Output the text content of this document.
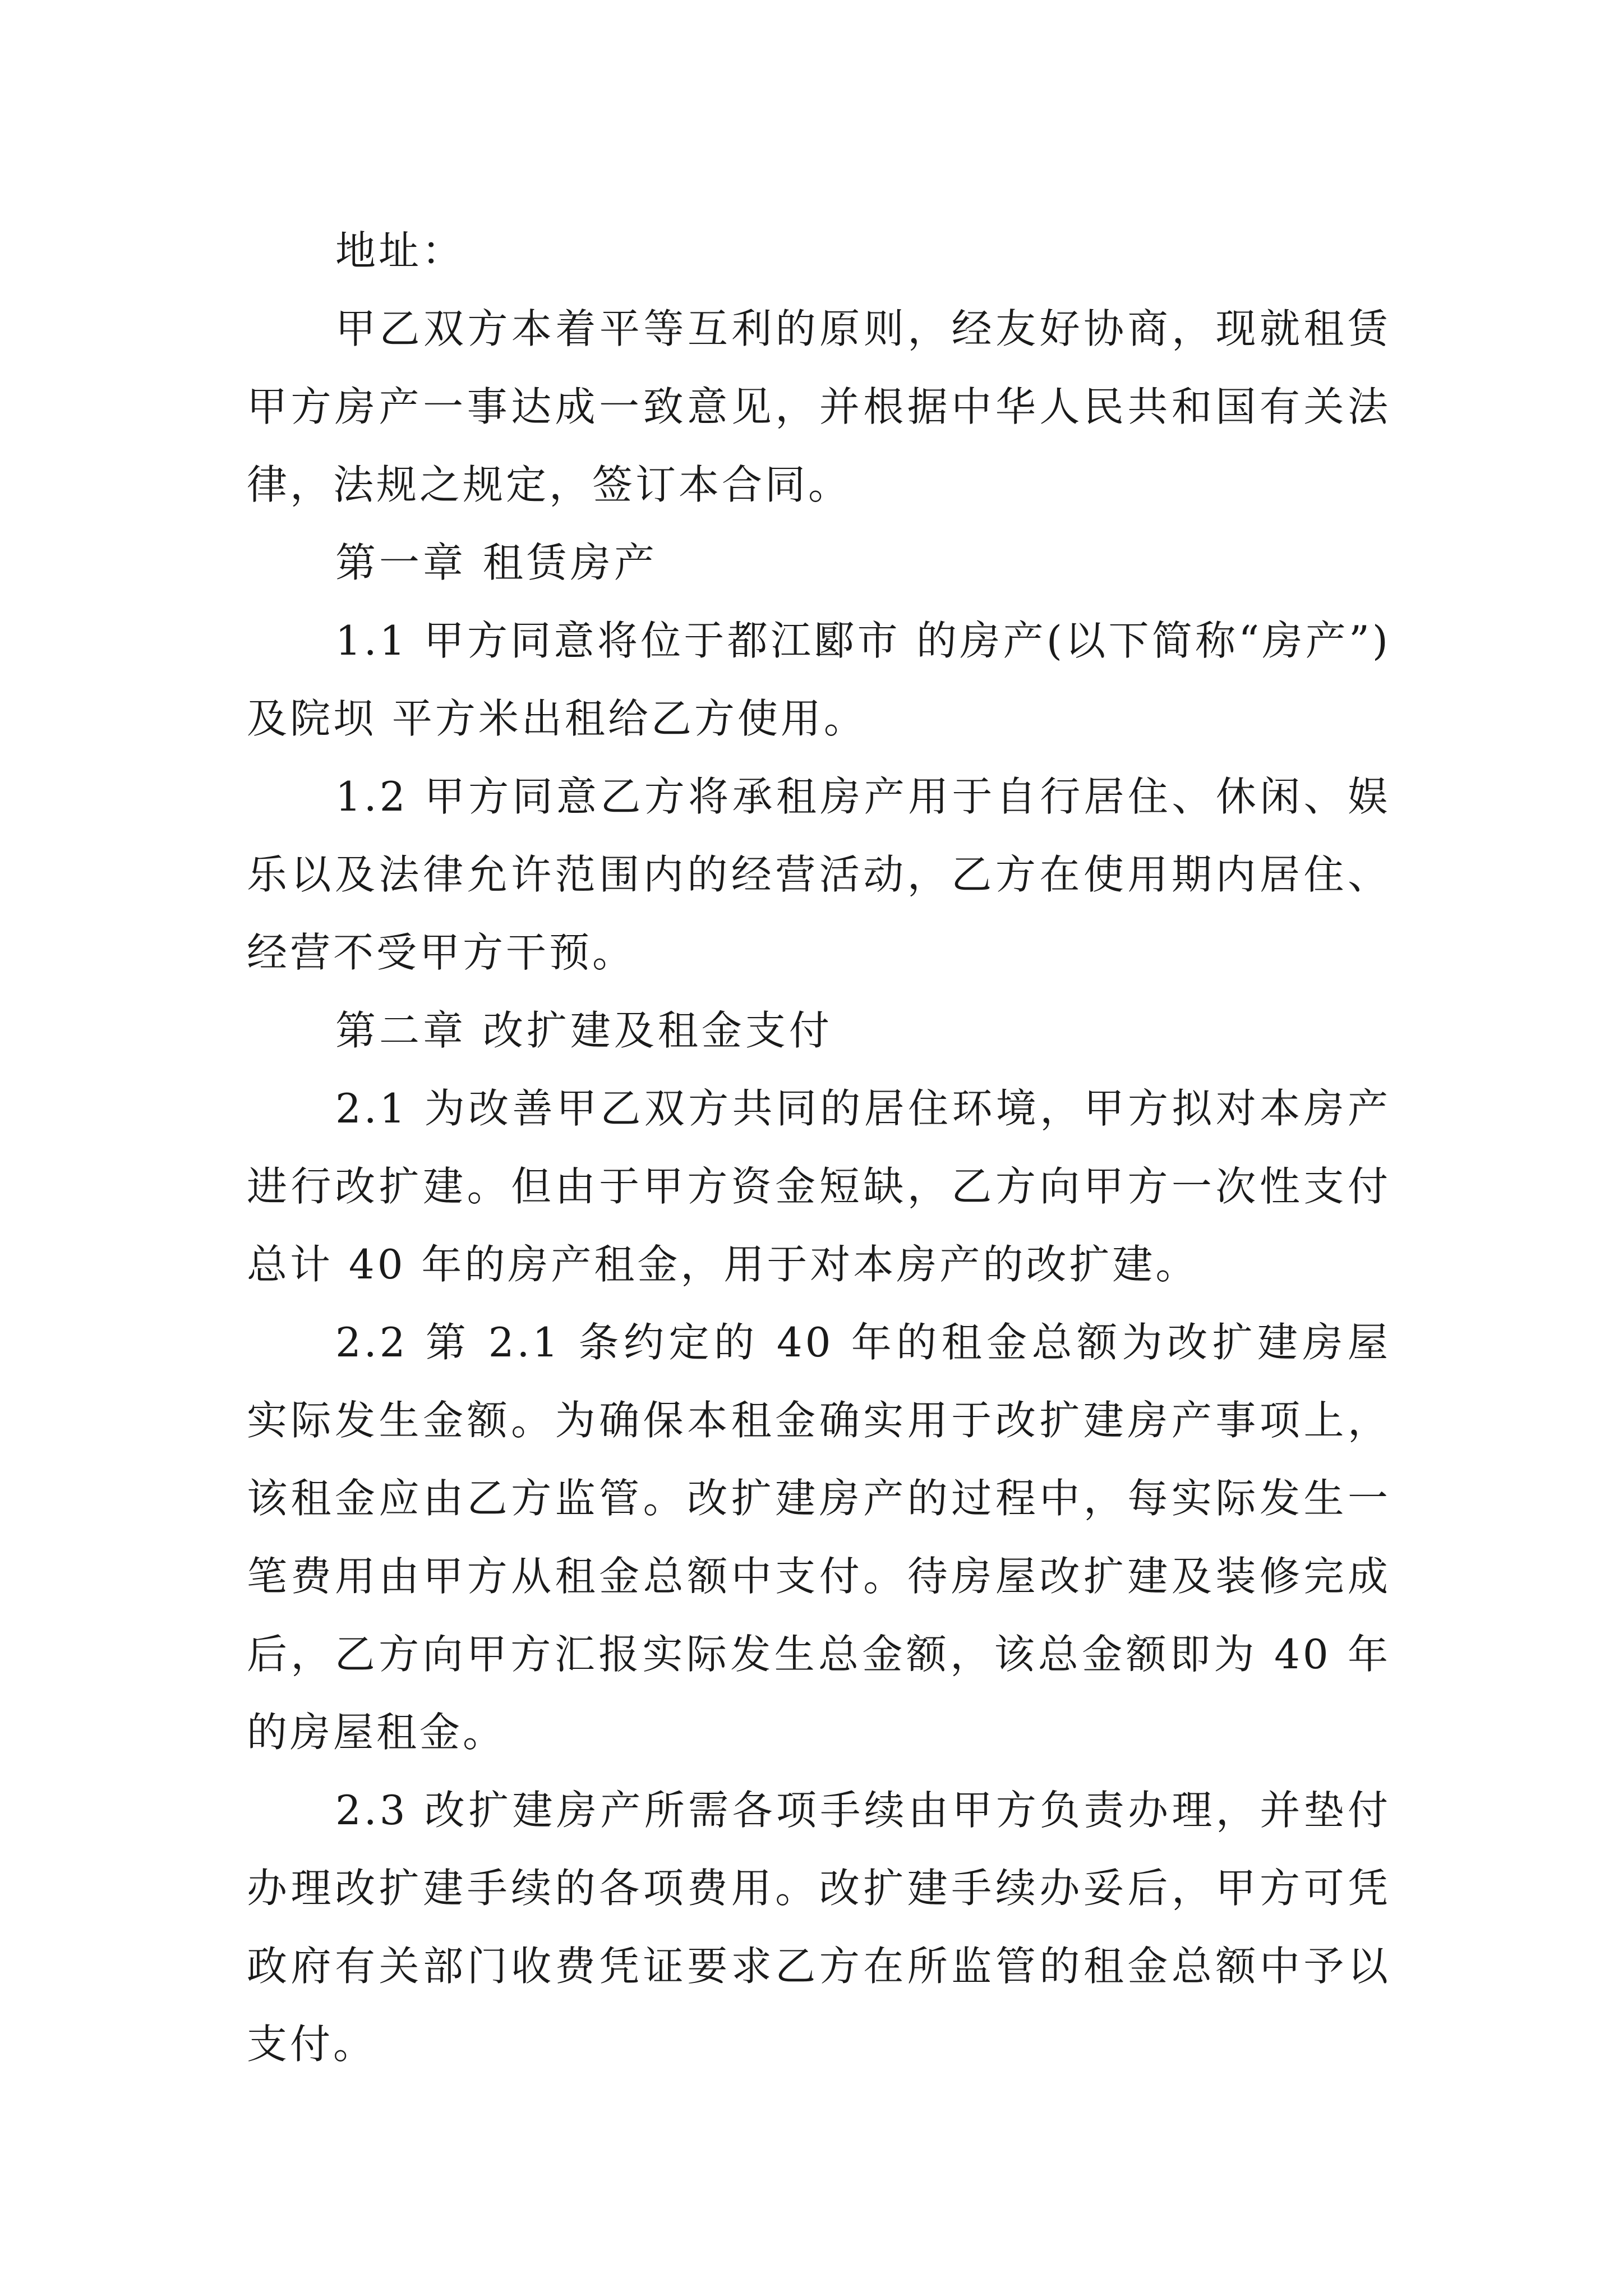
地址：

甲乙双方本着平等互利的原则，经友好协商，现就租赁甲方房产一事达成一致意见，并根据中华人民共和国有关法律，法规之规定，签订本合同。

第一章 租赁房产

1.1 甲方同意将位于都江郾市 的房产(以下简称“房产”)及院坝 平方米出租给乙方使用。

1.2 甲方同意乙方将承租房产用于自行居住、休闲、娱乐以及法律允许范围内的经营活动，乙方在使用期内居住、经营不受甲方干预。

第二章 改扩建及租金支付

2.1 为改善甲乙双方共同的居住环境，甲方拟对本房产进行改扩建。但由于甲方资金短缺，乙方向甲方一次性支付总计 40 年的房产租金，用于对本房产的改扩建。

2.2 第 2.1 条约定的 40 年的租金总额为改扩建房屋实际发生金额。为确保本租金确实用于改扩建房产事项上，该租金应由乙方监管。改扩建房产的过程中，每实际发生一笔费用由甲方从租金总额中支付。待房屋改扩建及装修完成后，乙方向甲方汇报实际发生总金额，该总金额即为 40 年的房屋租金。

2.3 改扩建房产所需各项手续由甲方负责办理，并垫付办理改扩建手续的各项费用。改扩建手续办妥后，甲方可凭政府有关部门收费凭证要求乙方在所监管的租金总额中予以支付。
